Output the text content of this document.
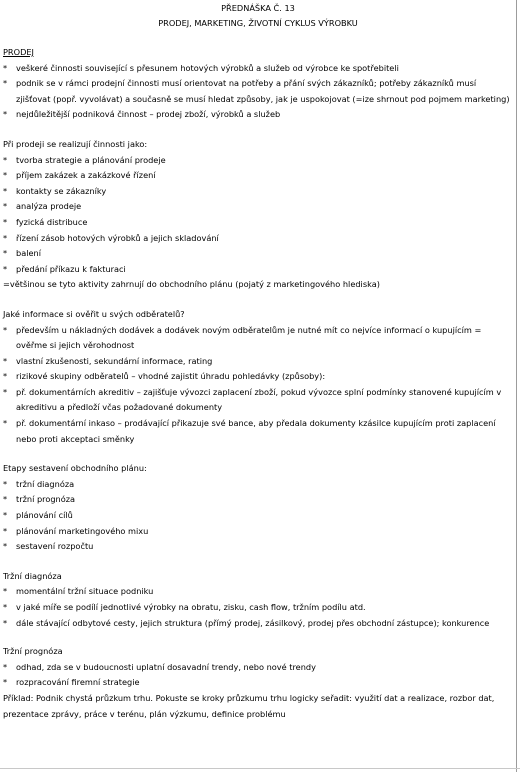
PŘEDNÁŠKA Č. 13
PRODEJ, MARKETING, ŽIVOTNÍ CYKLUS VÝROBKU
PRODEJ
* veškeré činnosti související s přesunem hotových výrobků a služeb od výrobce ke spotřebiteli
* podnik se v rámci prodejní činnosti musí orientovat na potřeby a přání svých zákazníků; potřeby zákazníků musí zjišťovat (popř. vyvolávat) a současně se musí hledat způsoby, jak je uspokojovat (=ize shrnout pod pojmem marketing)
* nejdůležitější podniková činnost – prodej zboží, výrobků a služeb
Při prodeji se realizují činnosti jako:
* tvorba strategie a plánování prodeje
* příjem zakázek a zakázkové řízení
* kontakty se zákazníky
* analýza prodeje
* fyzická distribuce
* řízení zásob hotových výrobků a jejich skladování
* balení
* předání příkazu k fakturaci
=většinou se tyto aktivity zahrnují do obchodního plánu (pojatý z marketingového hlediska)
Jaké informace si ověřit u svých odběratelů?
* především u nákladných dodávek a dodávek novým odběratelům je nutné mít co nejvíce informací o kupujícím = ověřme si jejich věrohodnost
* vlastní zkušenosti, sekundární informace, rating
* rizikové skupiny odběratelů – vhodné zajistit úhradu pohledávky (způsoby):
* př. dokumentárních akreditiv – zajišťuje vývozci zaplacení zboží, pokud vývozce splní podmínky stanovené kupujícím v akreditivu a předloží včas požadované dokumenty
* př. dokumentární inkaso – prodávající přikazuje své bance, aby předala dokumenty kzásilce kupujícím proti zaplacení nebo proti akceptaci směnky
Etapy sestavení obchodního plánu:
* tržní diagnóza
* tržní prognóza
* plánování cílů
* plánování marketingového mixu
* sestavení rozpočtu
Tržní diagnóza
* momentální tržní situace podniku
* v jaké míře se podílí jednotlivé výrobky na obratu, zisku, cash flow, tržním podílu atd.
* dále stávající odbytové cesty, jejich struktura (přímý prodej, zásilkový, prodej přes obchodní zástupce); konkurence
Tržní prognóza
* odhad, zda se v budoucnosti uplatní dosavadní trendy, nebo nové trendy
* rozpracování firemní strategie
Příklad: Podnik chystá průzkum trhu. Pokuste se kroky průzkumu trhu logicky seřadit: využití dat a realizace, rozbor dat, prezentace zprávy, práce v terénu, plán výzkumu, definice problému
